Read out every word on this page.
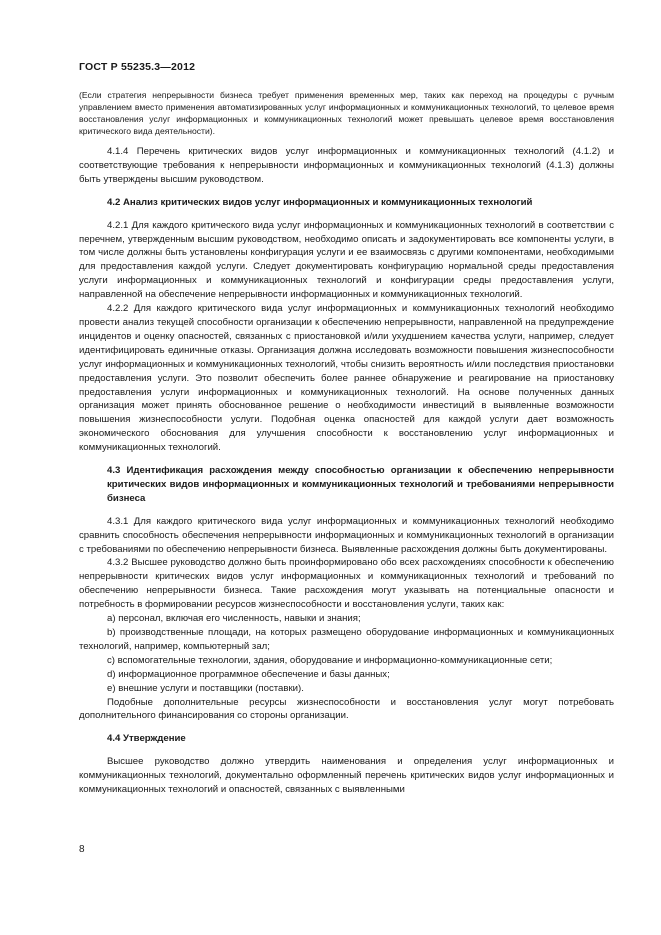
ГОСТ Р 55235.3—2012

(Если стратегия непрерывности бизнеса требует применения временных мер, таких как переход на процедуры с ручным управлением вместо применения автоматизированных услуг информационных и коммуникационных технологий, то целевое время восстановления услуг информационных и коммуникационных технологий может превышать целевое время восстановления критического вида деятельности).

4.1.4 Перечень критических видов услуг информационных и коммуникационных технологий (4.1.2) и соответствующие требования к непрерывности информационных и коммуникационных технологий (4.1.3) должны быть утверждены высшим руководством.

4.2 Анализ критических видов услуг информационных и коммуникационных технологий

4.2.1 Для каждого критического вида услуг информационных и коммуникационных технологий в соответствии с перечнем, утвержденным высшим руководством, необходимо описать и задокументировать все компоненты услуги, в том числе должны быть установлены конфигурация услуги и ее взаимосвязь с другими компонентами, необходимыми для предоставления каждой услуги. Следует документировать конфигурацию нормальной среды предоставления услуги информационных и коммуникационных технологий и конфигурации среды предоставления услуги, направленной на обеспечение непрерывности информационных и коммуникационных технологий.

4.2.2 Для каждого критического вида услуг информационных и коммуникационных технологий необходимо провести анализ текущей способности организации к обеспечению непрерывности, направленной на предупреждение инцидентов и оценку опасностей, связанных с приостановкой и/или ухудшением качества услуги, например, следует идентифицировать единичные отказы. Организация должна исследовать возможности повышения жизнеспособности услуг информационных и коммуникационных технологий, чтобы снизить вероятность и/или последствия приостановки предоставления услуги. Это позволит обеспечить более раннее обнаружение и реагирование на приостановку предоставления услуги информационных и коммуникационных технологий. На основе полученных данных организация может принять обоснованное решение о необходимости инвестиций в выявленные возможности повышения жизнеспособности услуги. Подобная оценка опасностей для каждой услуги дает возможность экономического обоснования для улучшения способности к восстановлению услуг информационных и коммуникационных технологий.

4.3 Идентификация расхождения между способностью организации к обеспечению непрерывности критических видов информационных и коммуникационных технологий и требованиями непрерывности бизнеса

4.3.1 Для каждого критического вида услуг информационных и коммуникационных технологий необходимо сравнить способность обеспечения непрерывности информационных и коммуникационных технологий в организации с требованиями по обеспечению непрерывности бизнеса. Выявленные расхождения должны быть документированы.

4.3.2 Высшее руководство должно быть проинформировано обо всех расхождениях способности к обеспечению непрерывности критических видов услуг информационных и коммуникационных технологий и требований по обеспечению непрерывности бизнеса. Такие расхождения могут указывать на потенциальные опасности и потребность в формировании ресурсов жизнеспособности и восстановления услуги, таких как:

a) персонал, включая его численность, навыки и знания;

b) производственные площади, на которых размещено оборудование информационных и коммуникационных технологий, например, компьютерный зал;

c) вспомогательные технологии, здания, оборудование и информационно-коммуникационные сети;

d) информационное программное обеспечение и базы данных;

e) внешние услуги и поставщики (поставки).

Подобные дополнительные ресурсы жизнеспособности и восстановления услуг могут потребовать дополнительного финансирования со стороны организации.

4.4 Утверждение

Высшее руководство должно утвердить наименования и определения услуг информационных и коммуникационных технологий, документально оформленный перечень критических видов услуг информационных и коммуникационных технологий и опасностей, связанных с выявленными

8
